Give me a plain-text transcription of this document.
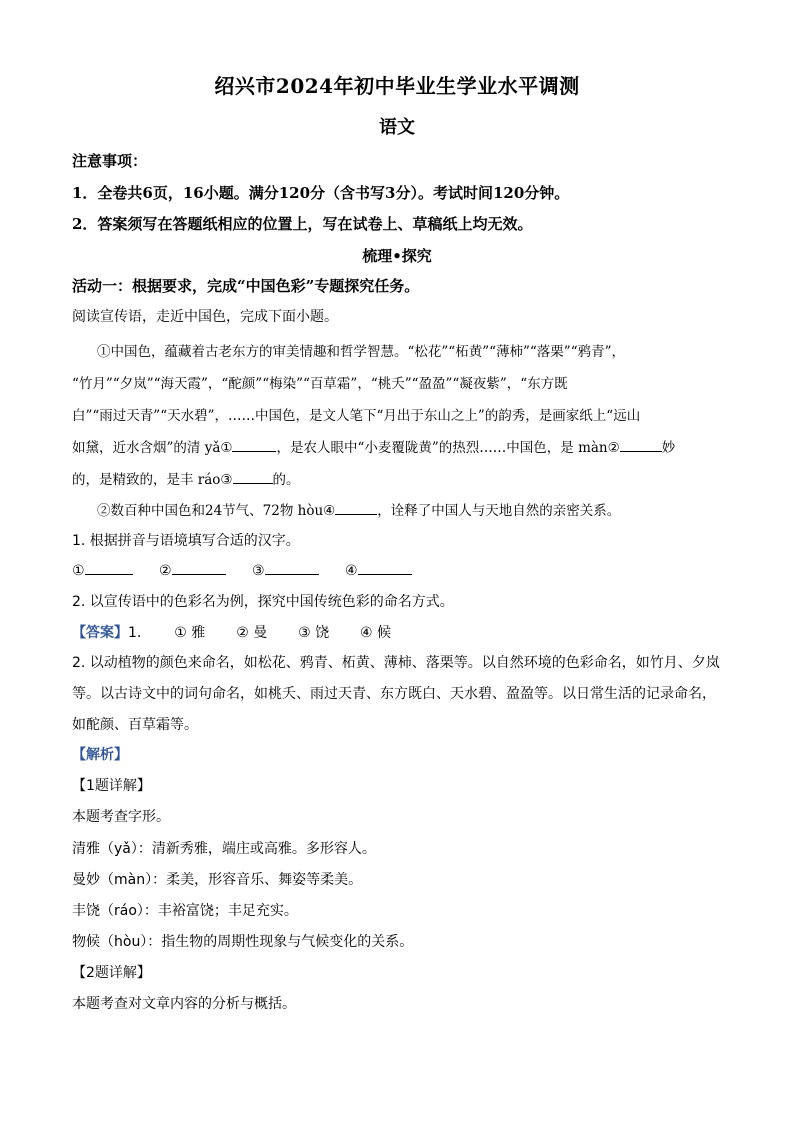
绍兴市2024年初中毕业生学业水平调测
语文
注意事项：
1．全卷共6页，16小题。满分120分（含书写3分）。考试时间120分钟。
2．答案须写在答题纸相应的位置上，写在试卷上、草稿纸上均无效。
梳理•探究
活动一：根据要求，完成“中国色彩”专题探究任务。
阅读宣传语，走近中国色，完成下面小题。
①中国色，蕴藏着古老东方的审美情趣和哲学智慧。“松花”“柘黄”“薄柿”“落栗”“鸦青”，
“竹月”“夕岚”“海天霞”，“酡颜”“梅染”“百草霜”，“桃夭”“盈盈”“凝夜紫”，“东方既
白”“雨过天青”“天水碧”，……中国色，是文人笔下“月出于东山之上”的韵秀，是画家纸上“远山
如黛，近水含烟”的清 yǎ①	，是农人眼中“小麦覆陇黄”的热烈……中国色，是 màn②	妙
的，是精致的，是丰 ráo③	的。
②数百种中国色和24节气、72物 hòu④	，诠释了中国人与天地自然的亲密关系。
1. 根据拼音与语境填写合适的汉字。
①	②	③	④
2. 以宣传语中的色彩名为例，探究中国传统色彩的命名方式。
【答案】1. ① 雅 ② 曼 ③ 饶 ④ 候
2. 以动植物的颜色来命名，如松花、鸦青、柘黄、薄柿、落栗等。以自然环境的色彩命名，如竹月、夕岚
等。以古诗文中的词句命名，如桃夭、雨过天青、东方既白、天水碧、盈盈等。以日常生活的记录命名，
如酡颜、百草霜等。
【解析】
【1题详解】
本题考查字形。
清雅（yǎ）：清新秀雅，端庄或高雅。多形容人。
曼妙（màn）：柔美，形容音乐、舞姿等柔美。
丰饶（ráo）：丰裕富饶；丰足充实。
物候（hòu）：指生物的周期性现象与气候变化的关系。
【2题详解】
本题考查对文章内容的分析与概括。
